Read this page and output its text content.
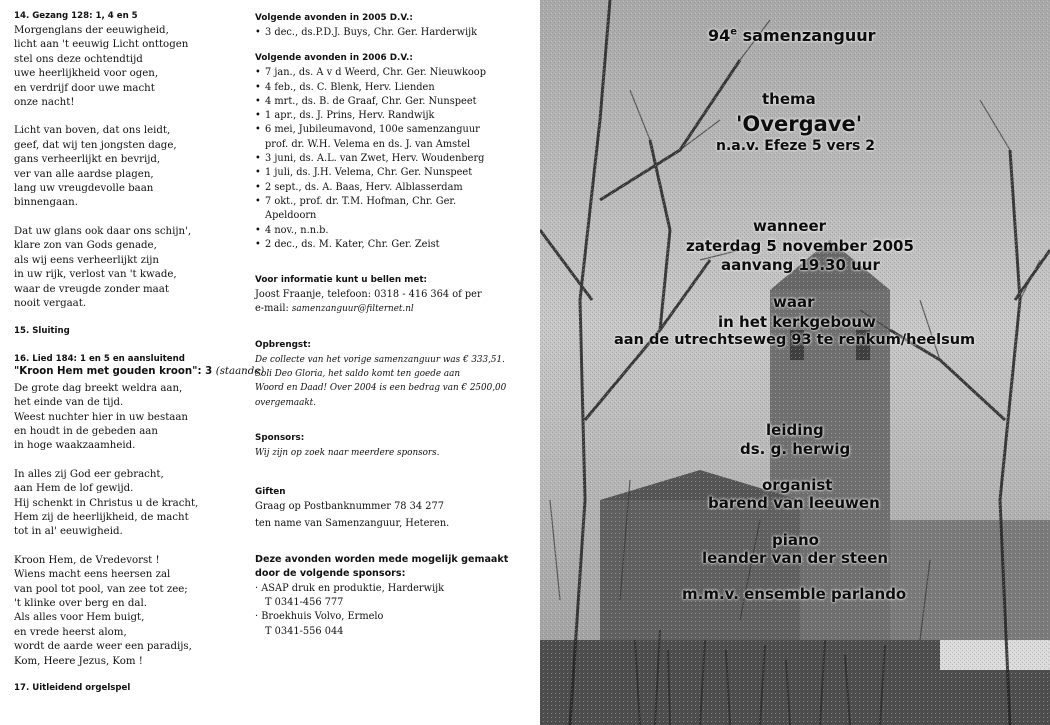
14. Gezang 128: 1, 4 en 5

Morgenglans der eeuwigheid,
licht aan 't eeuwig Licht onttogen
stel ons deze ochtendtijd
uwe heerlijkheid voor ogen,
en verdrijf door uwe macht
onze nacht!
Licht van boven, dat ons leidt,
geef, dat wij ten jongsten dage,
gans verheerlijkt en bevrijd,
ver van alle aardse plagen,
lang uw vreugdevolle baan
binnengaan.
Dat uw glans ook daar ons schijn',
klare zon van Gods genade,
als wij eens verheerlijkt zijn
in uw rijk, verlost van 't kwade,
waar de vreugde zonder maat
nooit vergaat.

15. Sluiting

16. Lied 184: 1 en 5 en aansluitend

"Kroon Hem met gouden kroon": 3 (staande)
De grote dag breekt weldra aan,
het einde van de tijd.
Weest nuchter hier in uw bestaan
en houdt in de gebeden aan
in hoge waakzaamheid.
In alles zij God eer gebracht,
aan Hem de lof gewijd.
Hij schenkt in Christus u de kracht,
Hem zij de heerlijkheid, de macht
tot in al' eeuwigheid.
Kroon Hem, de Vredevorst !
Wiens macht eens heersen zal
van pool tot pool, van zee tot zee;
't klinke over berg en dal.
Als alles voor Hem buigt,
en vrede heerst alom,
wordt de aarde weer een paradijs,
Kom, Heere Jezus, Kom !

17. Uitleidend orgelspel

Volgende avonden in 2005 D.V.:

• 3 dec., ds.P.D.J. Buys, Chr. Ger. Harderwijk

Volgende avonden in 2006 D.V.:

• 7 jan., ds. A v d Weerd, Chr. Ger. Nieuwkoop
• 4 feb., ds. C. Blenk, Herv. Lienden
• 4 mrt., ds. B. de Graaf, Chr. Ger. Nunspeet
• 1 apr., ds. J. Prins, Herv. Randwijk
• 6 mei, Jubileumavond, 100e samenzanguur
prof. dr. W.H. Velema en ds. J. van Amstel
• 3 juni, ds. A.L. van Zwet, Herv. Woudenberg
• 1 juli, ds. J.H. Velema, Chr. Ger. Nunspeet
• 2 sept., ds. A. Baas, Herv. Alblasserdam
• 7 okt., prof. dr. T.M. Hofman, Chr. Ger.
Apeldoorn
• 4 nov., n.n.b.
• 2 dec., ds. M. Kater, Chr. Ger. Zeist

Voor informatie kunt u bellen met:

Joost Fraanje, telefoon: 0318 - 416 364 of per
e-mail: samenzanguur@filternet.nl

Opbrengst:

De collecte van het vorige samenzanguur was € 333,51.
Soli Deo Gloria, het saldo komt ten goede aan
Woord en Daad! Over 2004 is een bedrag van € 2500,00
overgemaakt.

Sponsors:

Wij zijn op zoek naar meerdere sponsors.

Giften

Graag op Postbanknummer 78 34 277
ten name van Samenzanguur, Heteren.

Deze avonden worden mede mogelijk gemaakt

door de volgende sponsors:

· ASAP druk en produktie, Harderwijk
T 0341-456 777
· Broekhuis Volvo, Ermelo
T 0341-556 044
94e samenzanguur
thema
'Overgave'
n.a.v. Efeze 5 vers 2
wanneer
zaterdag 5 november 2005
aanvang 19.30 uur
waar
in het kerkgebouw
aan de utrechtseweg 93 te renkum/heelsum
leiding
ds. g. herwig
organist
barend van leeuwen
piano
leander van der steen
m.m.v. ensemble parlando
